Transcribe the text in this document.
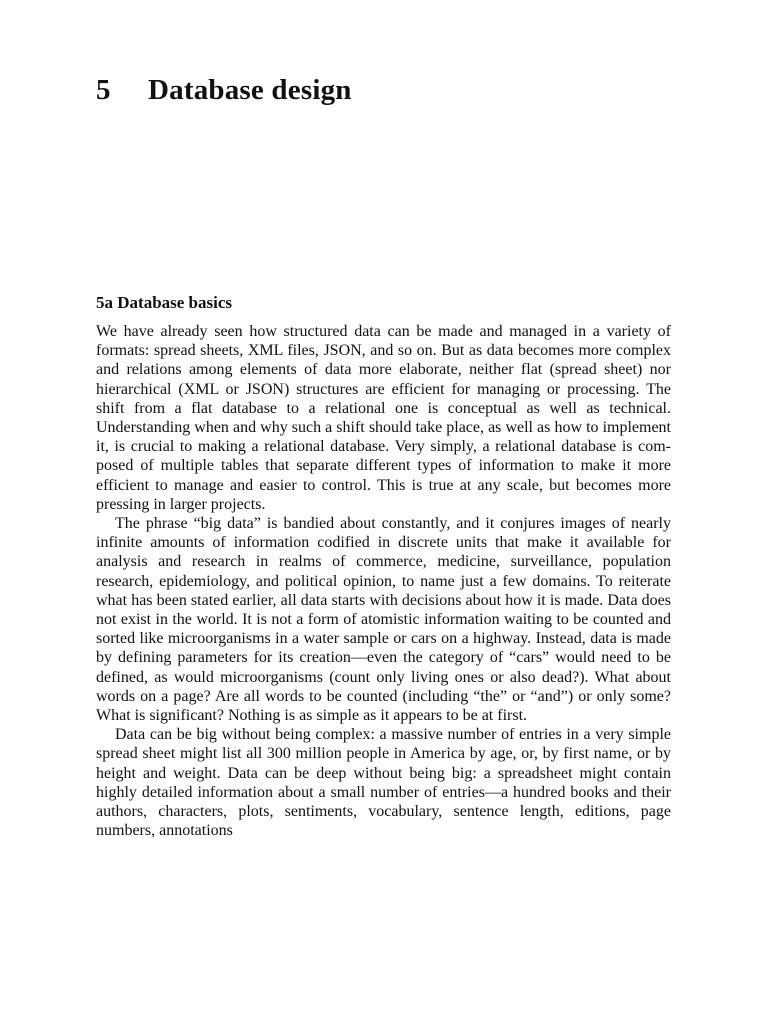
5 Database design
5a Database basics

We have already seen how structured data can be made and managed in a variety of formats: spread sheets, XML files, JSON, and so on. But as data becomes more complex and relations among elements of data more elaborate, neither flat (spread sheet) nor hierarchical (XML or JSON) structures are efficient for managing or processing. The shift from a flat database to a relational one is conceptual as well as technical. Understanding when and why such a shift should take place, as well as how to implement it, is crucial to making a relational database. Very simply, a relational database is composed of multiple tables that separate different types of information to make it more efficient to manage and easier to control. This is true at any scale, but becomes more pressing in larger projects.

The phrase “big data” is bandied about constantly, and it conjures images of nearly infinite amounts of information codified in discrete units that make it available for analysis and research in realms of commerce, medicine, surveillance, population research, epidemiology, and political opinion, to name just a few domains. To reiterate what has been stated earlier, all data starts with decisions about how it is made. Data does not exist in the world. It is not a form of atomistic information waiting to be counted and sorted like microorganisms in a water sample or cars on a highway. Instead, data is made by defining parameters for its creation—even the category of “cars” would need to be defined, as would microorganisms (count only living ones or also dead?). What about words on a page? Are all words to be counted (including “the” or “and”) or only some? What is significant? Nothing is as simple as it appears to be at first.

Data can be big without being complex: a massive number of entries in a very simple spread sheet might list all 300 million people in America by age, or, by first name, or by height and weight. Data can be deep without being big: a spreadsheet might contain highly detailed information about a small number of entries—a hundred books and their authors, characters, plots, sentiments, vocabulary, sentence length, editions, page numbers, annotations
